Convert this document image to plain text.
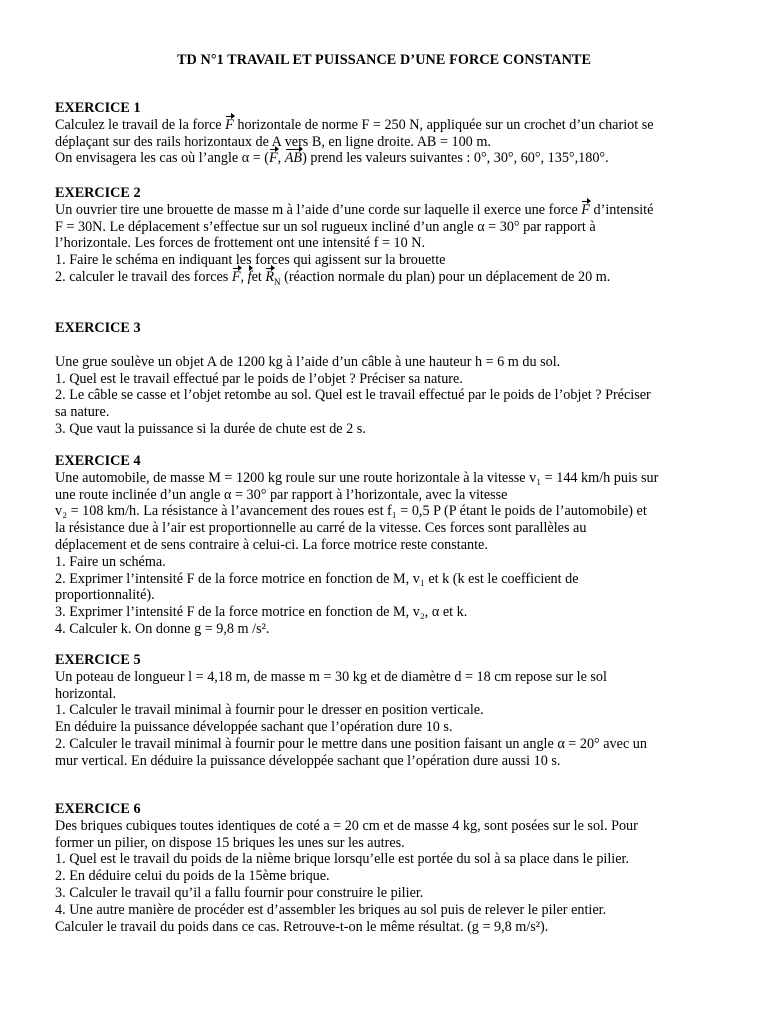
TD N°1 TRAVAIL ET PUISSANCE D’UNE FORCE CONSTANTE
EXERCICE 1

Calculez le travail de la force F horizontale de norme F = 250 N, appliquée sur un crochet d’un chariot se

déplaçant sur des rails horizontaux de A vers B, en ligne droite. AB = 100 m.

On envisagera les cas où l’angle α = (F, AB) prend les valeurs suivantes : 0°, 30°, 60°, 135°,180°.

EXERCICE 2

Un ouvrier tire une brouette de masse m à l’aide d’une corde sur laquelle il exerce une force F d’intensité

F = 30N. Le déplacement s’effectue sur un sol rugueux incliné d’un angle α = 30° par rapport à

l’horizontale. Les forces de frottement ont une intensité f = 10 N.

1. Faire le schéma en indiquant les forces qui agissent sur la brouette

2. calculer le travail des forces F, fet $R_N$ (réaction normale du plan) pour un déplacement de 20 m.

EXERCICE 3

Une grue soulève un objet A de 1200 kg à l’aide d’un câble à une hauteur h = 6 m du sol.

1. Quel est le travail effectué par le poids de l’objet ? Préciser sa nature.

2. Le câble se casse et l’objet retombe au sol. Quel est le travail effectué par le poids de l’objet ? Préciser

sa nature.

3. Que vaut la puissance si la durée de chute est de 2 s.

EXERCICE 4

Une automobile, de masse M = 1200 kg roule sur une route horizontale à la vitesse v₁ = 144 km/h puis sur

une route inclinée d’un angle α = 30° par rapport à l’horizontale, avec la vitesse

v₂ = 108 km/h. La résistance à l’avancement des roues est f₁ = 0,5 P (P étant le poids de l’automobile) et

la résistance due à l’air est proportionnelle au carré de la vitesse. Ces forces sont parallèles au

déplacement et de sens contraire à celui-ci. La force motrice reste constante.

1. Faire un schéma.

2. Exprimer l’intensité F de la force motrice en fonction de M, v₁ et k (k est le coefficient de

proportionnalité).

3. Exprimer l’intensité F de la force motrice en fonction de M, v₂, α et k.

4. Calculer k. On donne g = 9,8 m /s².

EXERCICE 5

Un poteau de longueur l = 4,18 m, de masse m = 30 kg et de diamètre d = 18 cm repose sur le sol

horizontal.

1. Calculer le travail minimal à fournir pour le dresser en position verticale.

En déduire la puissance développée sachant que l’opération dure 10 s.

2. Calculer le travail minimal à fournir pour le mettre dans une position faisant un angle α = 20° avec un

mur vertical. En déduire la puissance développée sachant que l’opération dure aussi 10 s.

EXERCICE 6

Des briques cubiques toutes identiques de coté a = 20 cm et de masse 4 kg, sont posées sur le sol. Pour

former un pilier, on dispose 15 briques les unes sur les autres.

1. Quel est le travail du poids de la nième brique lorsqu’elle est portée du sol à sa place dans le pilier.

2. En déduire celui du poids de la 15ème brique.

3. Calculer le travail qu’il a fallu fournir pour construire le pilier.

4. Une autre manière de procéder est d’assembler les briques au sol puis de relever le piler entier.

Calculer le travail du poids dans ce cas. Retrouve-t-on le même résultat. (g = 9,8 m/s²).
